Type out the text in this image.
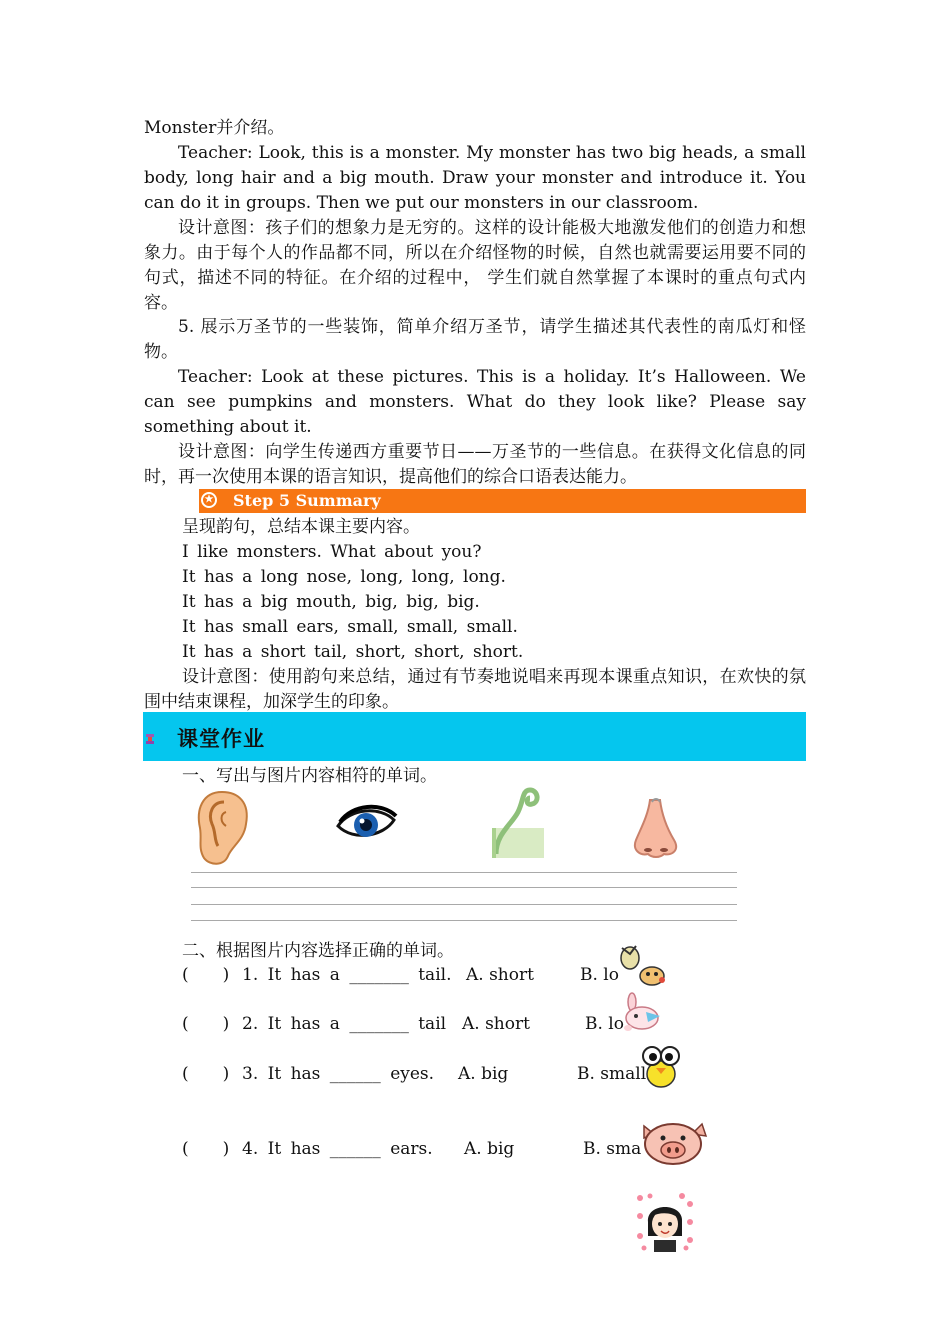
Monster并介绍。
Teacher: Look, this is a monster. My monster has two big heads, a small body, long hair and a big mouth. Draw your monster and introduce it. You can do it in groups. Then we put our monsters in our classroom.
设计意图：孩子们的想象力是无穷的。这样的设计能极大地激发他们的创造力和想象力。由于每个人的作品都不同，所以在介绍怪物的时候，自然也就需要运用要不同的句式，描述不同的特征。在介绍的过程中， 学生们就自然掌握了本课时的重点句式内容。
5. 展示万圣节的一些装饰，简单介绍万圣节，请学生描述其代表性的南瓜灯和怪物。
Teacher: Look at these pictures. This is a holiday. It’s Halloween. We can see pumpkins and monsters. What do they look like? Please say something about it.
设计意图：向学生传递西方重要节日——万圣节的一些信息。在获得文化信息的同时，再一次使用本课的语言知识，提高他们的综合口语表达能力。
★ Step 5 Summary
呈现韵句，总结本课主要内容。
I like monsters. What about you?
It has a long nose, long, long, long.
It has a big mouth, big, big, big.
It has small ears, small, small, small.
It has a short tail, short, short, short.
设计意图：使用韵句来总结，通过有节奏地说唱来再现本课重点知识，在欢快的氛围中结束课程，加深学生的印象。
课堂作业
一、写出与图片内容相符的单词。
二、根据图片内容选择正确的单词。
(　　) 1. It has a _______ tail. A. short	B. lo
(　　) 2. It has a _______ tail A. short	B. lo
(　　) 3. It has ______ eyes. A. big	B. small
(　　) 4. It has ______ ears. A. big	B. sma
